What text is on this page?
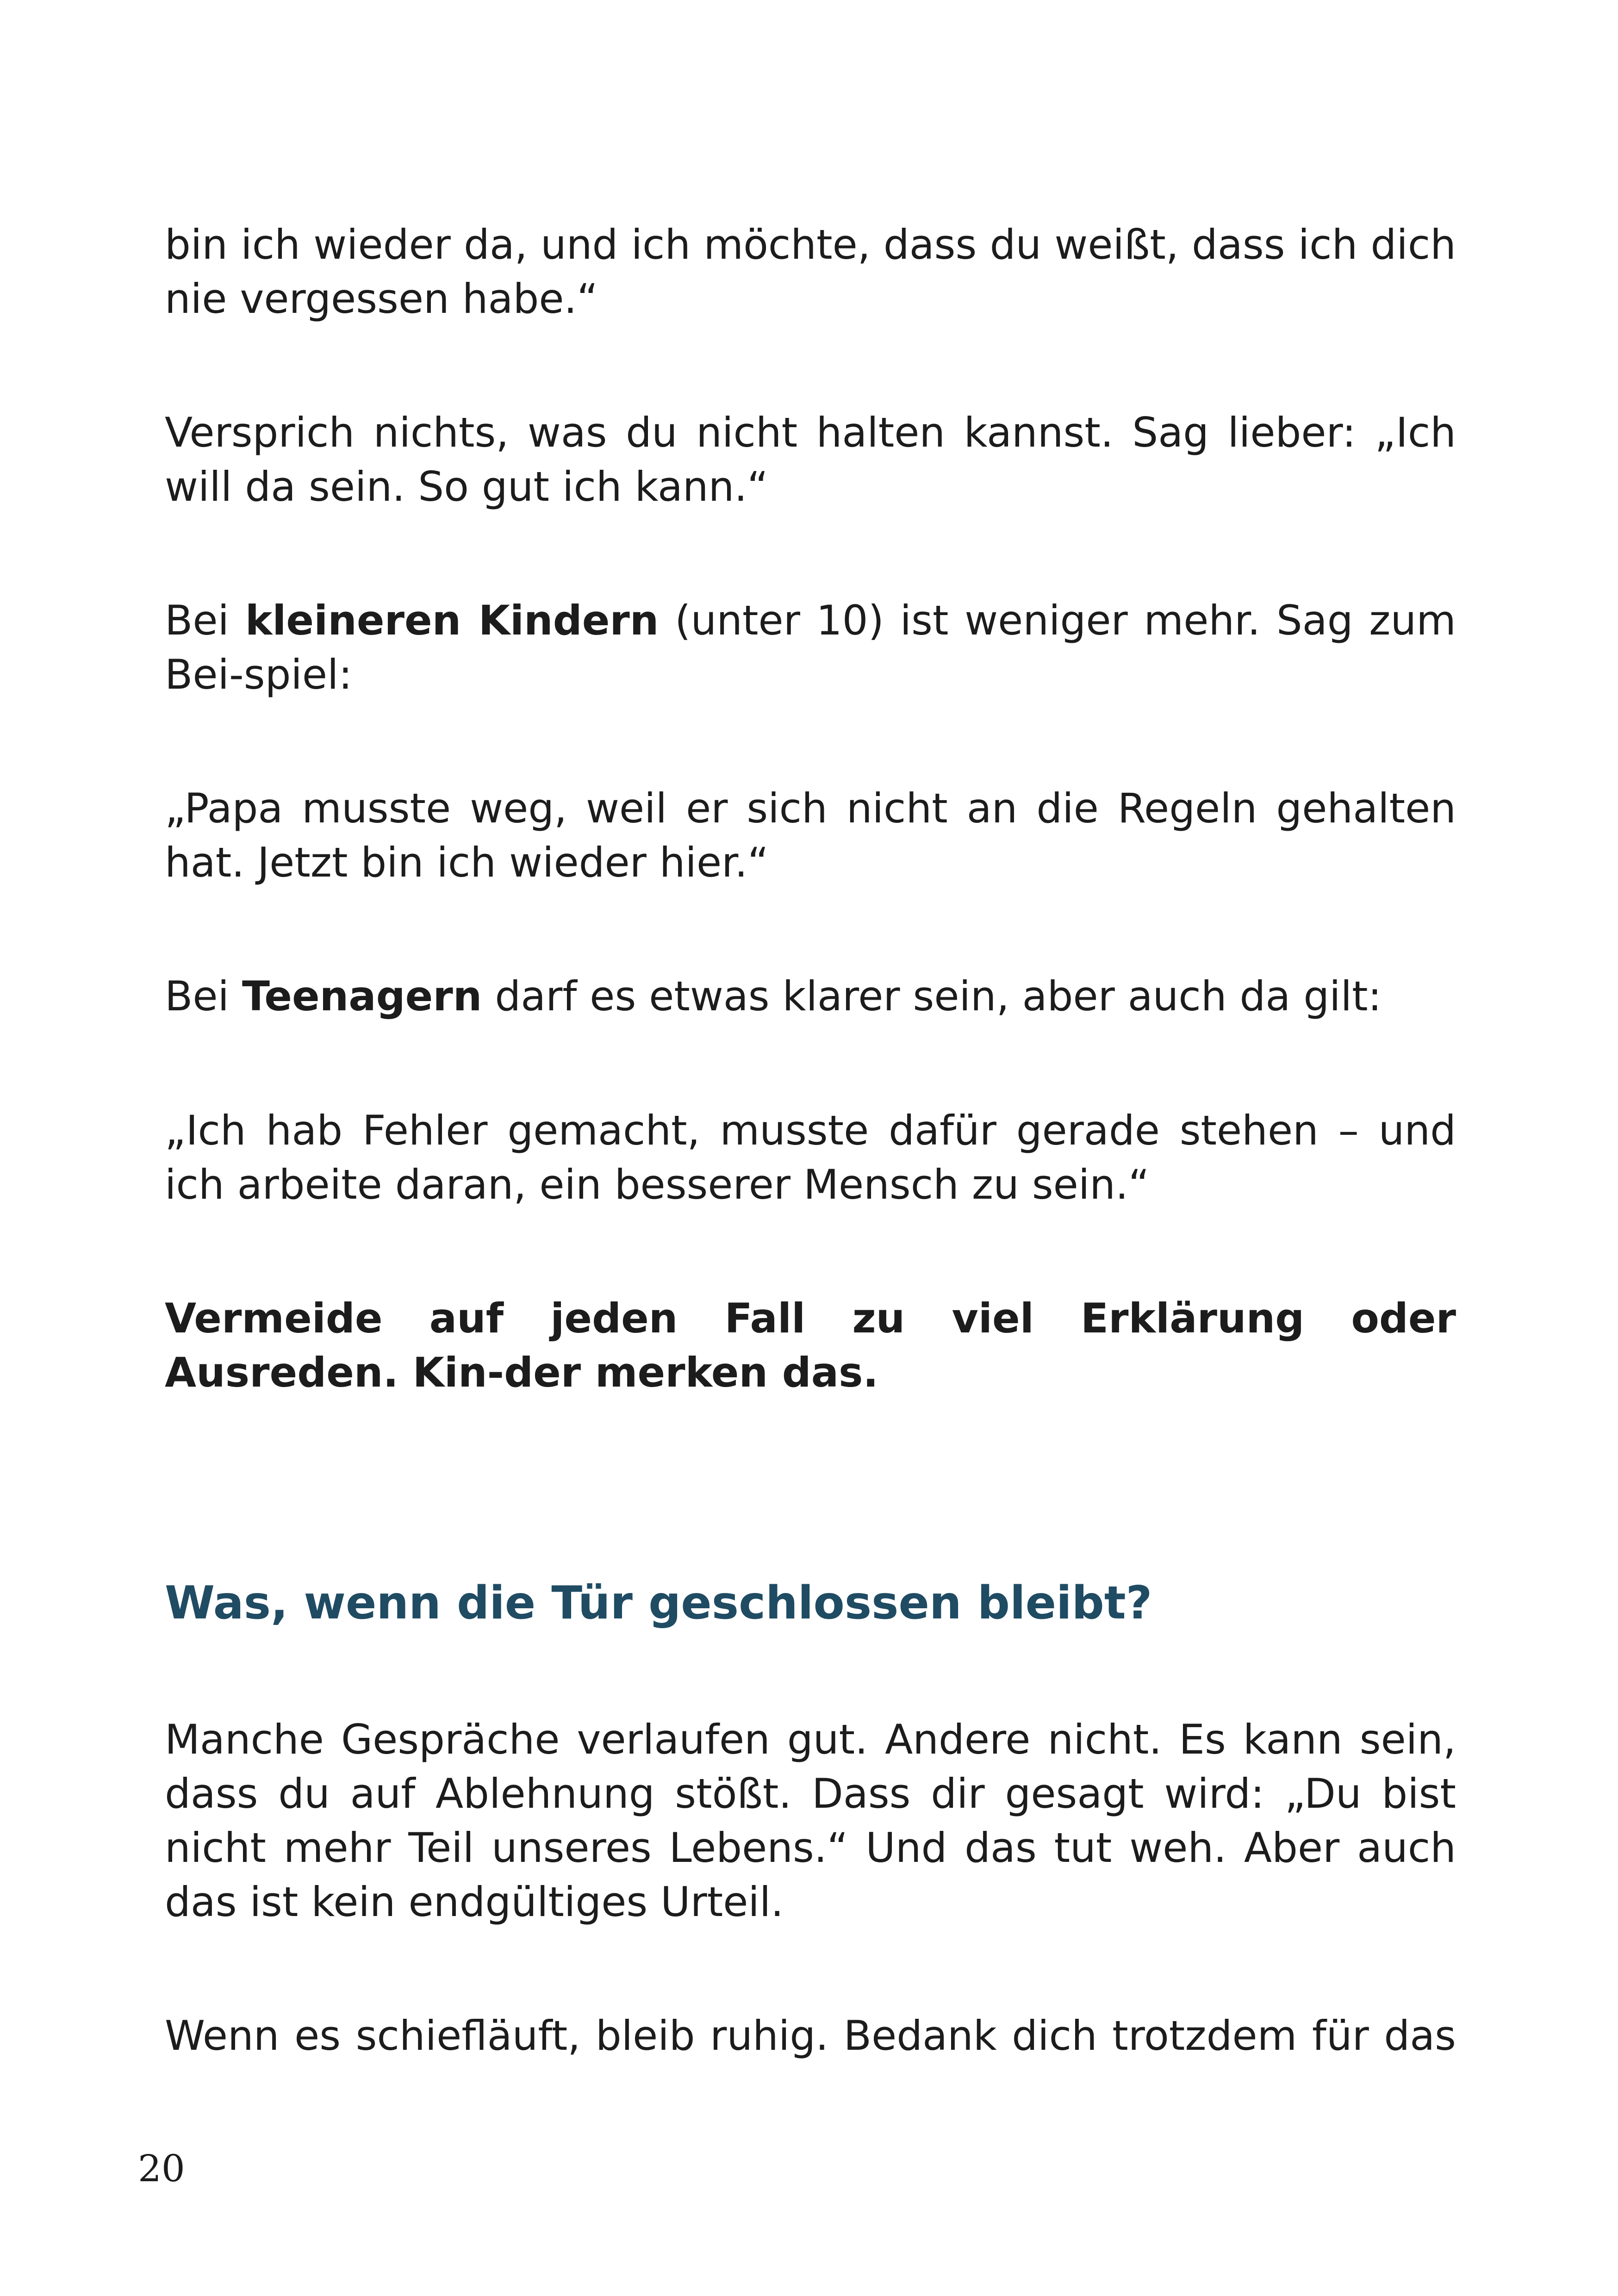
bin ich wieder da, und ich möchte, dass du weißt, dass ich dich nie vergessen habe.“

Versprich nichts, was du nicht halten kannst. Sag lieber: „Ich will da sein. So gut ich kann.“

Bei kleineren Kindern (unter 10) ist weniger mehr. Sag zum Bei-spiel:

„Papa musste weg, weil er sich nicht an die Regeln gehalten hat. Jetzt bin ich wieder hier.“

Bei Teenagern darf es etwas klarer sein, aber auch da gilt:

„Ich hab Fehler gemacht, musste dafür gerade stehen – und ich arbeite daran, ein besserer Mensch zu sein.“

Vermeide auf jeden Fall zu viel Erklärung oder Ausreden. Kin-der merken das.

Was, wenn die Tür geschlossen bleibt?

Manche Gespräche verlaufen gut. Andere nicht. Es kann sein, dass du auf Ablehnung stößt. Dass dir gesagt wird: „Du bist nicht mehr Teil unseres Lebens.“ Und das tut weh. Aber auch das ist kein endgültiges Urteil.

Wenn es schiefläuft, bleib ruhig. Bedank dich trotzdem für das

20
